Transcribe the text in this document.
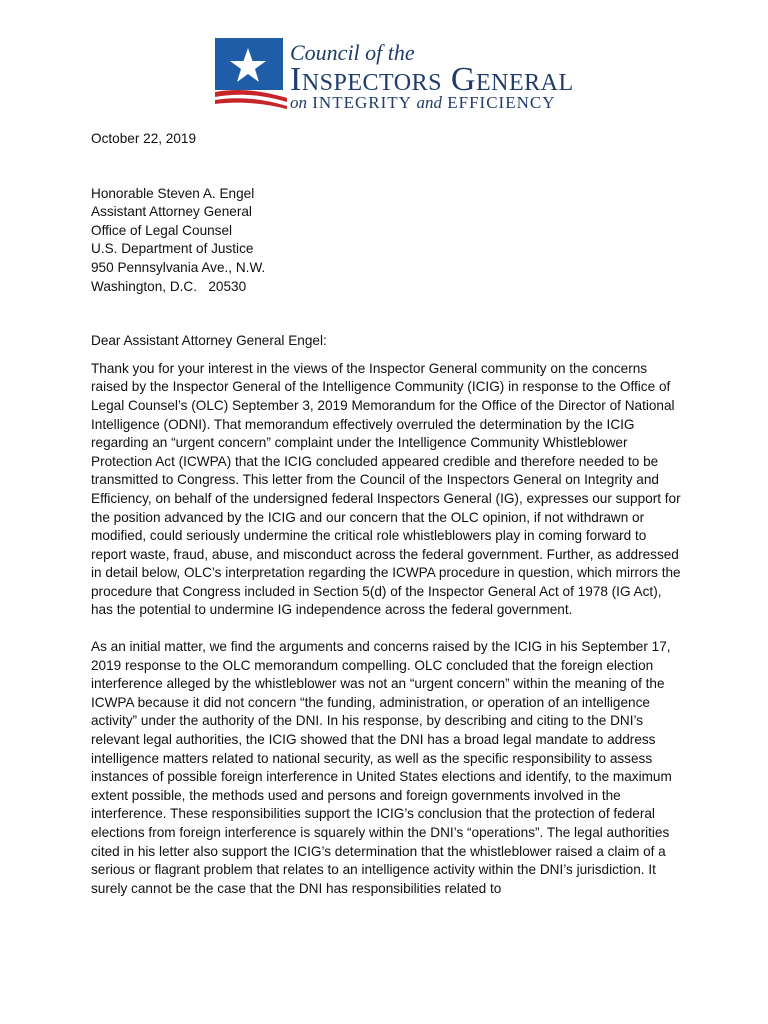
Council of the
Inspectors General
on INTEGRITY and EFFICIENCY
October 22, 2019
Honorable Steven A. Engel
Assistant Attorney General
Office of Legal Counsel
U.S. Department of Justice
950 Pennsylvania Ave., N.W.
Washington, D.C.   20530
Dear Assistant Attorney General Engel:

Thank you for your interest in the views of the Inspector General community on the concerns raised by the Inspector General of the Intelligence Community (ICIG) in response to the Office of Legal Counsel’s (OLC) September 3, 2019 Memorandum for the Office of the Director of National Intelligence (ODNI). That memorandum effectively overruled the determination by the ICIG regarding an “urgent concern” complaint under the Intelligence Community Whistleblower Protection Act (ICWPA) that the ICIG concluded appeared credible and therefore needed to be transmitted to Congress. This letter from the Council of the Inspectors General on Integrity and Efficiency, on behalf of the undersigned federal Inspectors General (IG), expresses our support for the position advanced by the ICIG and our concern that the OLC opinion, if not withdrawn or modified, could seriously undermine the critical role whistleblowers play in coming forward to report waste, fraud, abuse, and misconduct across the federal government. Further, as addressed in detail below, OLC’s interpretation regarding the ICWPA procedure in question, which mirrors the procedure that Congress included in Section 5(d) of the Inspector General Act of 1978 (IG Act), has the potential to undermine IG independence across the federal government.

As an initial matter, we find the arguments and concerns raised by the ICIG in his September 17, 2019 response to the OLC memorandum compelling. OLC concluded that the foreign election interference alleged by the whistleblower was not an “urgent concern” within the meaning of the ICWPA because it did not concern “the funding, administration, or operation of an intelligence activity” under the authority of the DNI. In his response, by describing and citing to the DNI’s relevant legal authorities, the ICIG showed that the DNI has a broad legal mandate to address intelligence matters related to national security, as well as the specific responsibility to assess instances of possible foreign interference in United States elections and identify, to the maximum extent possible, the methods used and persons and foreign governments involved in the interference. These responsibilities support the ICIG’s conclusion that the protection of federal elections from foreign interference is squarely within the DNI’s “operations”. The legal authorities cited in his letter also support the ICIG’s determination that the whistleblower raised a claim of a serious or flagrant problem that relates to an intelligence activity within the DNI’s jurisdiction. It surely cannot be the case that the DNI has responsibilities related to
